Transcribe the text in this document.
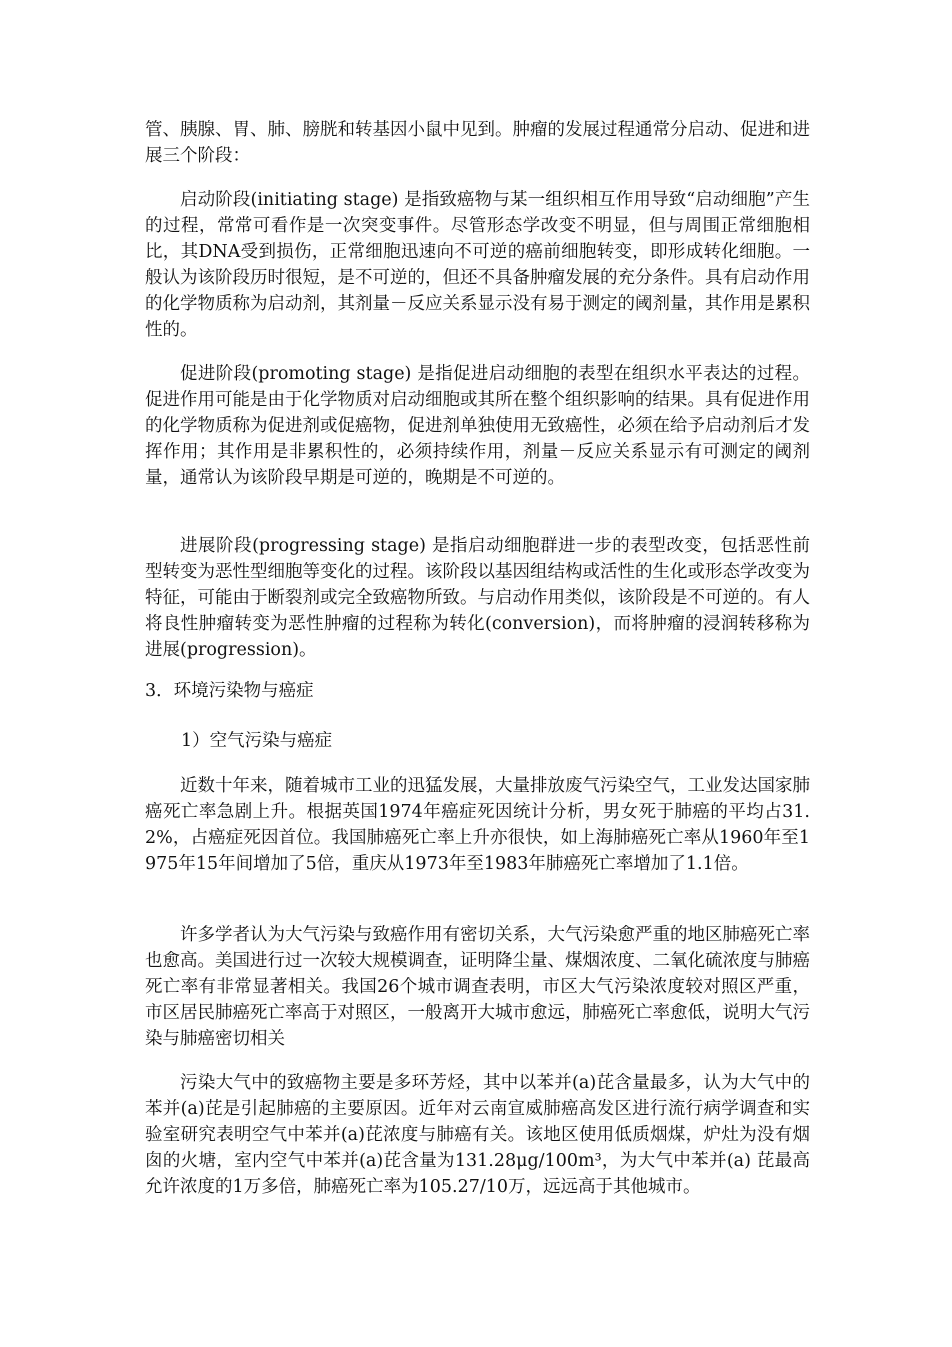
管、胰腺、胃、肺、膀胱和转基因小鼠中见到。肿瘤的发展过程通常分启动、促进和进展三个阶段：

启动阶段(initiating stage) 是指致癌物与某一组织相互作用导致“启动细胞”产生的过程，常常可看作是一次突变事件。尽管形态学改变不明显，但与周围正常细胞相比，其DNA受到损伤，正常细胞迅速向不可逆的癌前细胞转变，即形成转化细胞。一般认为该阶段历时很短，是不可逆的，但还不具备肿瘤发展的充分条件。具有启动作用的化学物质称为启动剂，其剂量－反应关系显示没有易于测定的阈剂量，其作用是累积性的。

促进阶段(promoting stage) 是指促进启动细胞的表型在组织水平表达的过程。促进作用可能是由于化学物质对启动细胞或其所在整个组织影响的结果。具有促进作用的化学物质称为促进剂或促癌物，促进剂单独使用无致癌性，必须在给予启动剂后才发挥作用；其作用是非累积性的，必须持续作用，剂量－反应关系显示有可测定的阈剂量，通常认为该阶段早期是可逆的，晚期是不可逆的。

进展阶段(progressing stage) 是指启动细胞群进一步的表型改变，包括恶性前型转变为恶性型细胞等变化的过程。该阶段以基因组结构或活性的生化或形态学改变为特征，可能由于断裂剂或完全致癌物所致。与启动作用类似，该阶段是不可逆的。有人将良性肿瘤转变为恶性肿瘤的过程称为转化(conversion)，而将肿瘤的浸润转移称为进展(progression)。

3．环境污染物与癌症

1）空气污染与癌症

近数十年来，随着城市工业的迅猛发展，大量排放废气污染空气，工业发达国家肺癌死亡率急剧上升。根据英国1974年癌症死因统计分析，男女死于肺癌的平均占31.2%，占癌症死因首位。我国肺癌死亡率上升亦很快，如上海肺癌死亡率从1960年至1975年15年间增加了5倍，重庆从1973年至1983年肺癌死亡率增加了1.1倍。

许多学者认为大气污染与致癌作用有密切关系，大气污染愈严重的地区肺癌死亡率也愈高。美国进行过一次较大规模调查，证明降尘量、煤烟浓度、二氧化硫浓度与肺癌死亡率有非常显著相关。我国26个城市调查表明，市区大气污染浓度较对照区严重，市区居民肺癌死亡率高于对照区，一般离开大城市愈远，肺癌死亡率愈低，说明大气污染与肺癌密切相关

污染大气中的致癌物主要是多环芳烃，其中以苯并(a)芘含量最多，认为大气中的苯并(a)芘是引起肺癌的主要原因。近年对云南宣威肺癌高发区进行流行病学调查和实验室研究表明空气中苯并(a)芘浓度与肺癌有关。该地区使用低质烟煤，炉灶为没有烟囱的火塘，室内空气中苯并(a)芘含量为131.28μg/100m³，为大气中苯并(a) 芘最高允许浓度的1万多倍，肺癌死亡率为105.27/10万，远远高于其他城市。
